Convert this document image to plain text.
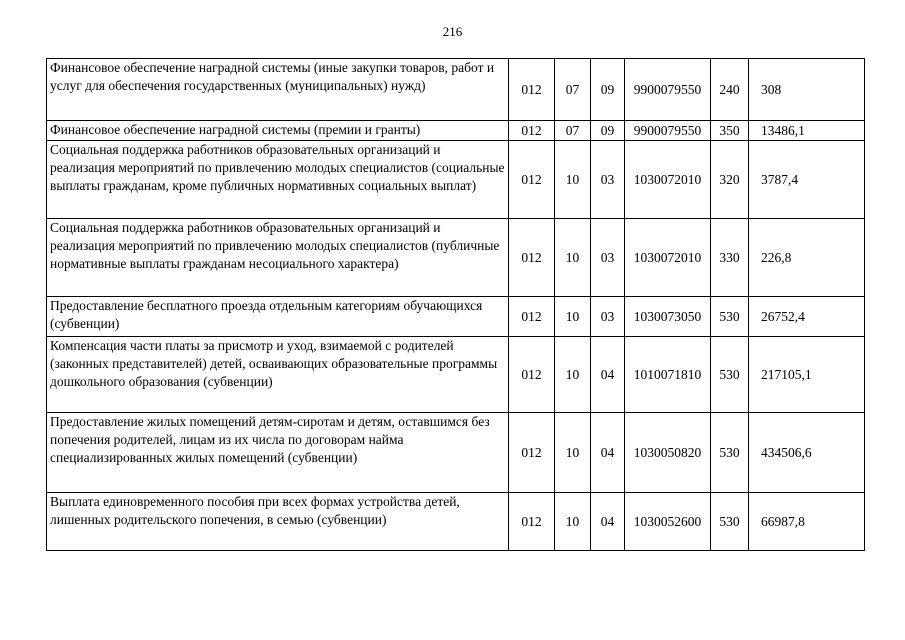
216
Финансовое обеспечение наградной системы (иные закупки товаров, работ и услуг для обеспечения государственных (муниципальных) нужд)	012	07	09	9900079550	240	308
Финансовое обеспечение наградной системы (премии и гранты)	012	07	09	9900079550	350	13486,1
Социальная поддержка работников образовательных организаций и реализация мероприятий по привлечению молодых специалистов (социальные выплаты гражданам, кроме публичных нормативных социальных выплат)	012	10	03	1030072010	320	3787,4
Социальная поддержка работников образовательных организаций и реализация мероприятий по привлечению молодых специалистов (публичные нормативные выплаты гражданам несоциального характера)	012	10	03	1030072010	330	226,8
Предоставление бесплатного проезда отдельным категориям обучающихся (субвенции)	012	10	03	1030073050	530	26752,4
Компенсация части платы за присмотр и уход, взимаемой с родителей (законных представителей) детей, осваивающих образовательные программы дошкольного образования (субвенции)	012	10	04	1010071810	530	217105,1
Предоставление жилых помещений детям-сиротам и детям, оставшимся без попечения родителей, лицам из их числа по договорам найма специализированных жилых помещений (субвенции)	012	10	04	1030050820	530	434506,6
Выплата единовременного пособия при всех формах устройства детей, лишенных родительского попечения, в семью (субвенции)	012	10	04	1030052600	530	66987,8
